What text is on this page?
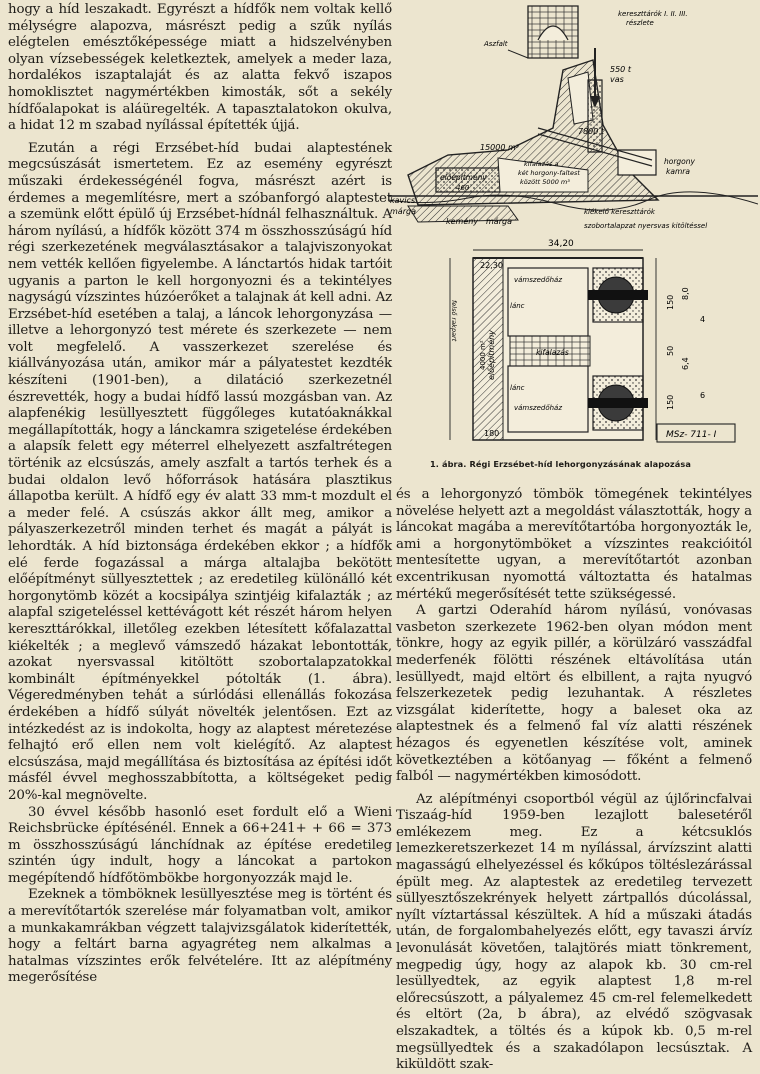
hogy a híd leszakadt. Egyrészt a hídfők nem voltak kellő mélységre alapozva, másrészt pedig a szűk nyílás elégtelen emésztőképessége miatt a hidszelvényben olyan vízsebességek keletkeztek, amelyek a meder laza, hordalékos iszaptalaját és az alatta fekvő iszapos homoklisztet nagymértékben kimosták, sőt a sekély hídfőalapokat is aláüregelték. A tapasztalatokon okulva, a hidat 12 m szabad nyílással építették újjá.

Ezután a régi Erzsébet-híd budai alaptestének megcsúszását ismertetem. Ez az esemény egyrészt műszaki érdekességénél fogva, másrészt azért is érdemes a megemlítésre, mert a szóbanforgó alaptestet a szemünk előtt épülő új Erzsébet-hídnál felhasználtuk. A három nyílású, a hídfők között 374 m összhosszúságú híd régi szerkezetének megválasztásakor a talajviszonyokat nem vették kellően figyelembe. A lánctartós hidak tartóit ugyanis a parton le kell horgonyozni és a tekintélyes nagyságú vízszintes húzóerőket a talajnak át kell adni. Az Erzsébet-híd esetében a talaj, a láncok lehorgonyzása — illetve a lehorgonyzó test mérete és szerkezete — nem volt megfelelő. A vasszerkezet szerelése és kiállványozása után, amikor már a pályatestet kezdték készíteni (1901-ben), a dilatáció szerkezetnél észrevették, hogy a budai hídfő lassú mozgásban van. Az alapfenékig lesüllyesztett függőleges kutatóaknákkal megállapították, hogy a lánckamra szigetelése érdekében a alapsík felett egy méterrel elhelyezett aszfaltrétegen történik az elcsúszás, amely aszfalt a tartós terhek és a budai oldalon levő hőforrások hatására plasztikus állapotba került. A hídfő egy év alatt 33 mm-t mozdult el a meder felé. A csúszás akkor állt meg, amikor a pályaszerkezetről minden terhet és magát a pályát is lehordták. A híd biztonsága érdekében ekkor ; a hídfők elé ferde fogazással a márga altalajba bekötött előépítményt süllyesztettek ; az eredetileg különálló két horgonytömb közét a kocsipálya szintjéig kifalazták ; az alapfal szigeteléssel kettévágott két részét három helyen kereszttárókkal, illetőleg ezekben létesített kőfalazattal kiékelték ; a meglevő vámszedő házakat lebontották, azokat nyersvassal kitöltött szobortalapzatokkal kombinált építményekkel pótolták (1. ábra). Végeredményben tehát a súrlódási ellenállás fokozása érdekében a hídfő súlyát növelték jelentősen. Ezt az intézkedést az is indokolta, hogy az alaptest méretezése felhajtó erő ellen nem volt kielégítő. Az alaptest elcsúszása, majd megállítása és biztosítása az építési időt másfél évvel meghosszabbította, a költségeket pedig 20%-kal megnövelte.

30 évvel később hasonló eset fordult elő a Wieni Reichsbrücke építésénél. Ennek a 66+241+ + 66 = 373 m összhosszúságú lánchídnak az építése eredetileg szintén úgy indult, hogy a láncokat a partokon megépítendő hídfőtömbökbe horgonyozzák majd le.

Ezeknek a tömböknek lesüllyesztése meg is történt és a merevítőtartók szerelése már folyamatban volt, amikor a munkakamrákban végzett talajvizsgálatok kiderítették, hogy a feltárt barna agyagréteg nem alkalmas a hatalmas vízszintes erők felvételére. Itt az alépítmény megerősítése

kereszttárók I. II. III.
részlete
Aszfalt
550 t
vas
7800 t
15000 m³
horgony
kamra
kifalazás a
két horgony-faltest
között 5000 m³
előépítmény
460
kavics
márga
kemény márga
kiékelő kereszttárók
szobortalapzat nyersvas kitöltéssel
felső rakpart
34,20
22,30
vámszedőház
lánc
kifalazás
lánc
vámszedőház
előépítmény
4000 m²
180
150
50
150
8,0
6,4
4
6
MSz- 711- I
1. ábra. Régi Erzsébet-híd lehorgonyzásának alapozása

és a lehorgonyzó tömbök tömegének tekintélyes növelése helyett azt a megoldást választották, hogy a láncokat magába a merevítőtartóba horgonyozták le, ami a horgonytömböket a vízszintes reakcióitól mentesítette ugyan, a merevítőtartót azonban excentrikusan nyomottá változtatta és hatalmas mértékű megerősítését tette szükségessé.

A gartzi Oderahíd három nyílású, vonóvasas vasbeton szerkezete 1962-ben olyan módon ment tönkre, hogy az egyik pillér, a körülzáró vasszádfal mederfenék fölötti részének eltávolítása után lesüllyedt, majd eltört és elbillent, a rajta nyugvó felszerkezetek pedig lezuhantak. A részletes vizsgálat kiderítette, hogy a baleset oka az alaptestnek és a felmenő fal víz alatti részének hézagos és egyenetlen készítése volt, aminek következtében a kötőanyag — főként a felmenő falból — nagymértékben kimosódott.

Az alépítményi csoportból végül az újlőrincfalvai Tiszaág-híd 1959-ben lezajlott balesetéről emlékezem meg. Ez a kétcsuklós lemezkeretszerkezet 14 m nyílással, árvízszint alatti magasságú elhelyezéssel és kőkúpos töltéslezárással épült meg. Az alaptestek az eredetileg tervezett süllyesztőszekrények helyett zártpallós dúcolással, nyílt víztartással készültek. A híd a műszaki átadás után, de forgalombahelyezés előtt, egy tavaszi árvíz levonulását követően, talajtörés miatt tönkrement, megpedig úgy, hogy az alapok kb. 30 cm-rel lesüllyedtek, az egyik alaptest 1,8 m-rel előrecsúszott, a pályalemez 45 cm-rel felemelkedett és eltört (2a, b ábra), az elvédő szögvasak elszakadtek, a töltés és a kúpok kb. 0,5 m-rel megsüllyedtek és a szakadólapon lecsúsztak. A kiküldött szak-
